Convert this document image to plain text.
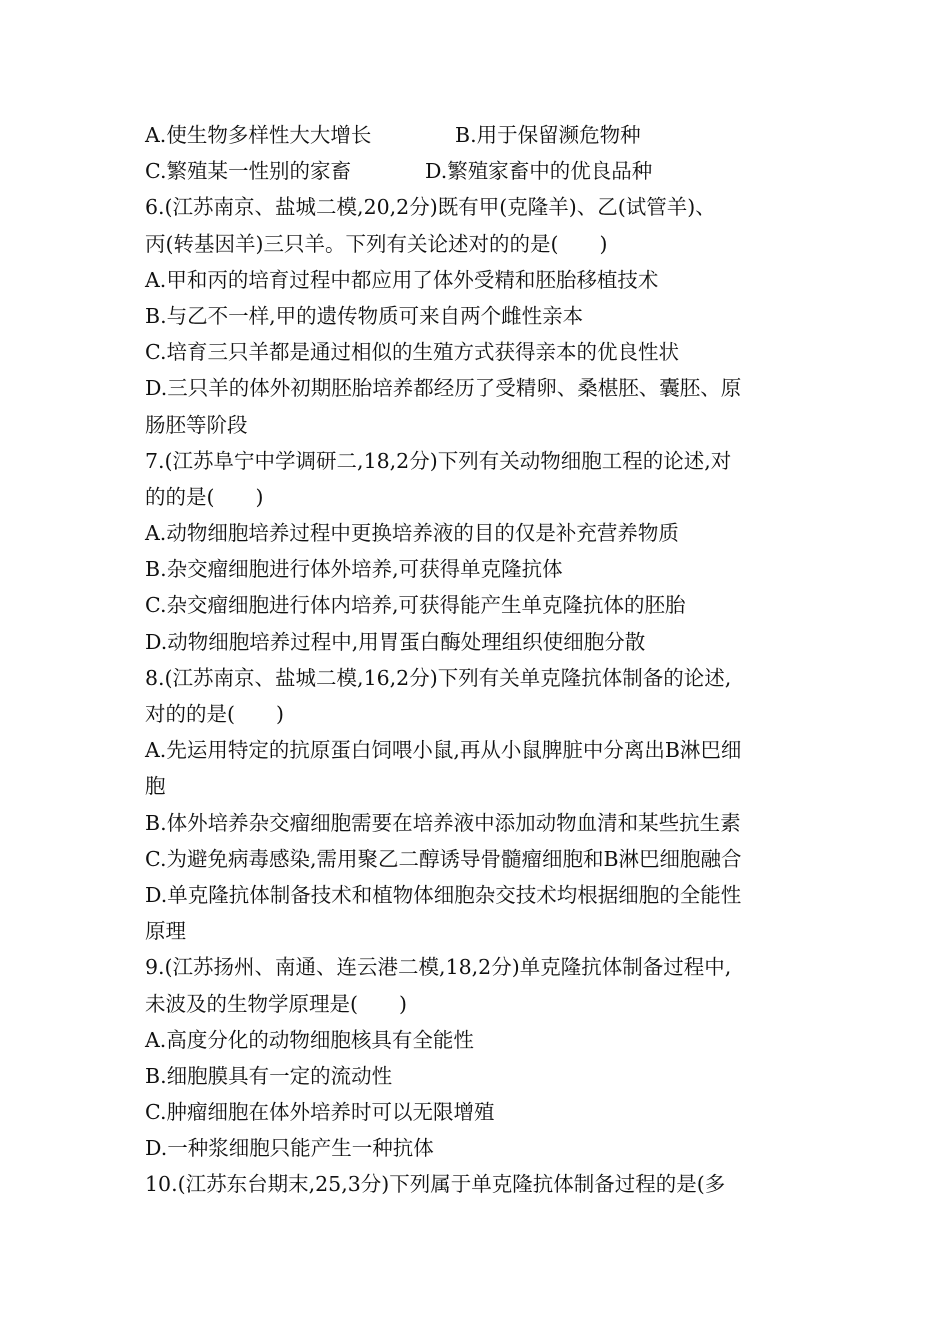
A.使生物多样性大大增长	B.用于保留濒危物种
C.繁殖某一性别的家畜	D.繁殖家畜中的优良品种
6.(江苏南京、盐城二模,20,2分)既有甲(克隆羊)、乙(试管羊)、
丙(转基因羊)三只羊。下列有关论述对的的是(　　)
A.甲和丙的培育过程中都应用了体外受精和胚胎移植技术
B.与乙不一样,甲的遗传物质可来自两个雌性亲本
C.培育三只羊都是通过相似的生殖方式获得亲本的优良性状
D.三只羊的体外初期胚胎培养都经历了受精卵、桑椹胚、囊胚、原
肠胚等阶段
7.(江苏阜宁中学调研二,18,2分)下列有关动物细胞工程的论述,对
的的是(　　)
A.动物细胞培养过程中更换培养液的目的仅是补充营养物质
B.杂交瘤细胞进行体外培养,可获得单克隆抗体
C.杂交瘤细胞进行体内培养,可获得能产生单克隆抗体的胚胎
D.动物细胞培养过程中,用胃蛋白酶处理组织使细胞分散
8.(江苏南京、盐城二模,16,2分)下列有关单克隆抗体制备的论述,
对的的是(　　)
A.先运用特定的抗原蛋白饲喂小鼠,再从小鼠脾脏中分离出B淋巴细
胞
B.体外培养杂交瘤细胞需要在培养液中添加动物血清和某些抗生素
C.为避免病毒感染,需用聚乙二醇诱导骨髓瘤细胞和B淋巴细胞融合
D.单克隆抗体制备技术和植物体细胞杂交技术均根据细胞的全能性
原理
9.(江苏扬州、南通、连云港二模,18,2分)单克隆抗体制备过程中,
未波及的生物学原理是(　　)
A.高度分化的动物细胞核具有全能性
B.细胞膜具有一定的流动性
C.肿瘤细胞在体外培养时可以无限增殖
D.一种浆细胞只能产生一种抗体
10.(江苏东台期末,25,3分)下列属于单克隆抗体制备过程的是(多
